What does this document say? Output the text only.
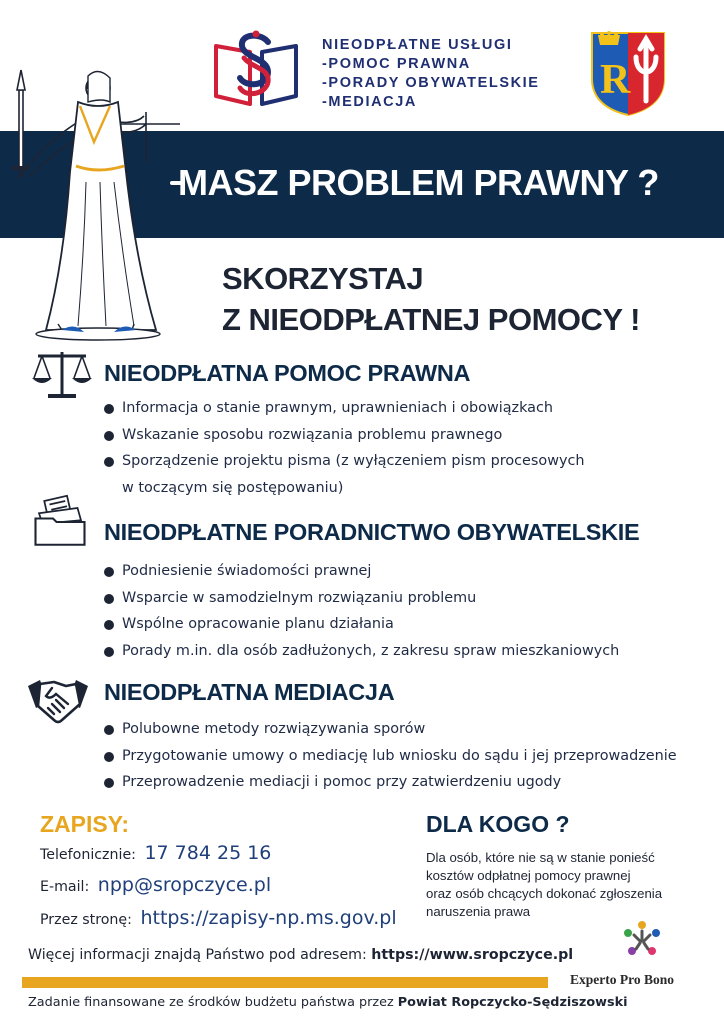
NIEODPŁATNE USŁUGI
-POMOC PRAWNA
-PORADY OBYWATELSKIE
-MEDIACJA	R
MASZ PROBLEM PRAWNY ?
SKORZYSTAJ
Z NIEODPŁATNEJ POMOCY !
NIEODPŁATNA POMOC PRAWNA
Informacja o stanie prawnym, uprawnieniach i obowiązkach
Wskazanie sposobu rozwiązania problemu prawnego
Sporządzenie projektu pisma (z wyłączeniem pism procesowych
w toczącym się postępowaniu)
NIEODPŁATNE PORADNICTWO OBYWATELSKIE
Podniesienie świadomości prawnej
Wsparcie w samodzielnym rozwiązaniu problemu
Wspólne opracowanie planu działania
Porady m.in. dla osób zadłużonych, z zakresu spraw mieszkaniowych
NIEODPŁATNA MEDIACJA
Polubowne metody rozwiązywania sporów
Przygotowanie umowy o mediację lub wniosku do sądu i jej przeprowadzenie
Przeprowadzenie mediacji i pomoc przy zatwierdzeniu ugody
ZAPISY:
Telefonicznie: 17 784 25 16
E-mail: npp@sropczyce.pl
Przez stronę: https://zapisy-np.ms.gov.pl
DLA KOGO ?
Dla osób, które nie są w stanie ponieść
kosztów odpłatnej pomocy prawnej
oraz osób chcących dokonać zgłoszenia
naruszenia prawa
Więcej informacji znajdą Państwo pod adresem: https://www.sropczyce.pl
Experto Pro Bono
Zadanie finansowane ze środków budżetu państwa przez Powiat Ropczycko-Sędziszowski
